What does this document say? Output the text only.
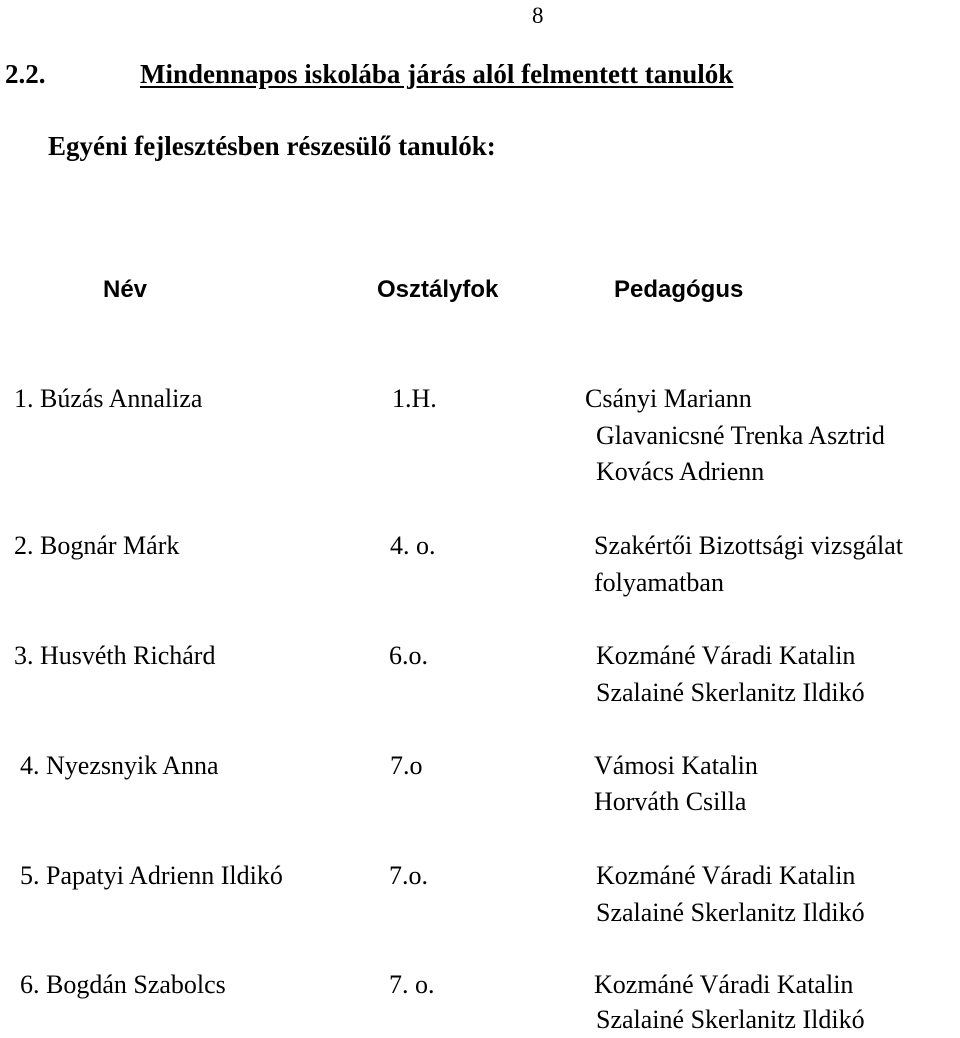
8
2.2.	Mindennapos iskolába járás alól felmentett tanulók
Egyéni fejlesztésben részesülő tanulók:
Név	Osztályfok	Pedagógus
1. Búzás Annaliza	1.H.	Csányi Mariann
Glavanicsné Trenka Asztrid
Kovács Adrienn
2. Bognár Márk	4. o.	Szakértői Bizottsági vizsgálat
folyamatban
3. Husvéth Richárd	6.o.	Kozmáné Váradi Katalin
Szalainé Skerlanitz Ildikó
4. Nyezsnyik Anna	7.o	Vámosi Katalin
Horváth Csilla
5. Papatyi Adrienn Ildikó	7.o.	Kozmáné Váradi Katalin
Szalainé Skerlanitz Ildikó
6. Bogdán Szabolcs	7. o.	Kozmáné Váradi Katalin
Szalainé Skerlanitz Ildikó
